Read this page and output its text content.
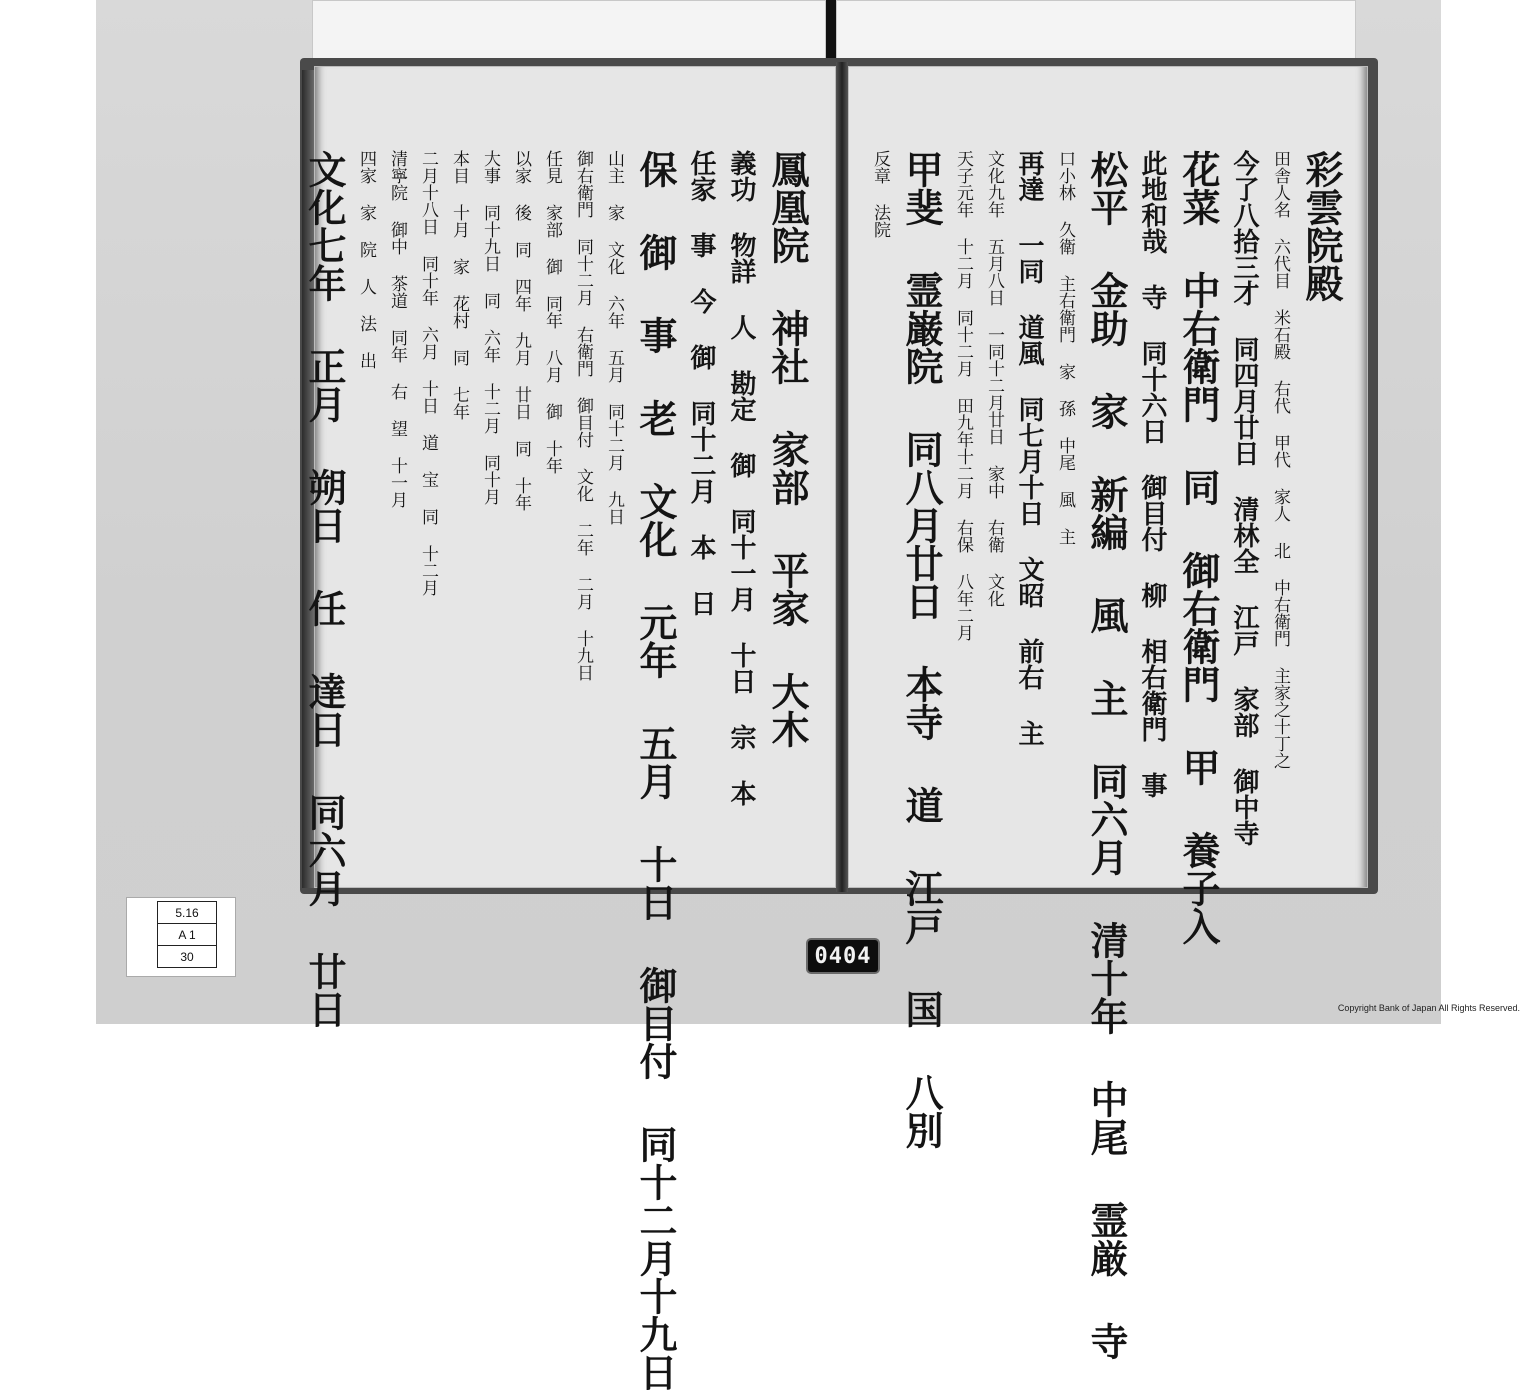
彩雲院殿
田舎人名 六代目 米石殿 右代 甲代 家人 北 中右衛門 主家之十丁之
今了八拾三才 同四月廿日 清林全 江戸 家部 御中寺
花菜 中右衛門 同 御右衛門 甲 養子入
此地和哉 寺 同十六日 御目付 柳 相右衛門 事
松平 金助 家 新編 風 主 同六月 清十年 中尾 霊厳 寺
口小林 久衛 主右衛門 家 孫 中尾 風 主
再達 一同 道風 同七月十日 文昭 前右 主
文化九年 五月八日 一同十二月廿日 家中 右衛 文化
天子元年 十二月 同十二月 田九年十二月 右保 八年二月
甲斐 霊巌院 同八月廿日 本寺 道 江戸 国 八別
反章 法院
鳳凰院 神社 家部 平家 大木
義功 物詳 人 勘定 御 同十一月 十日 宗 本
任家 事 今 御 同十二月 本 日
保 御 事 老 文化 元年 五月 十日 御目付 同十二月十九日
山主 家 文化 六年 五月 同十二月 九日
御右衛門 同十二月 右衛門 御目付 文化 二年 二月 十九日
任見 家部 御 同年 八月 御 十年
以家 後 同 四年 九月 廿日 同 十年
大事 同十九日 同 六年 十二月 同十月
本目 十月 家 花村 同 七年
二月十八日 同十年 六月 十日 道 宝 同 十二月
清寧院 御中 茶道 同年 右 望 十一月
四家 家 院 人 法 出
文化七年 正月 朔日 任 達日 同六月 廿日
5.16
A 1
30	0404
Copyright Bank of Japan All Rights Reserved.
